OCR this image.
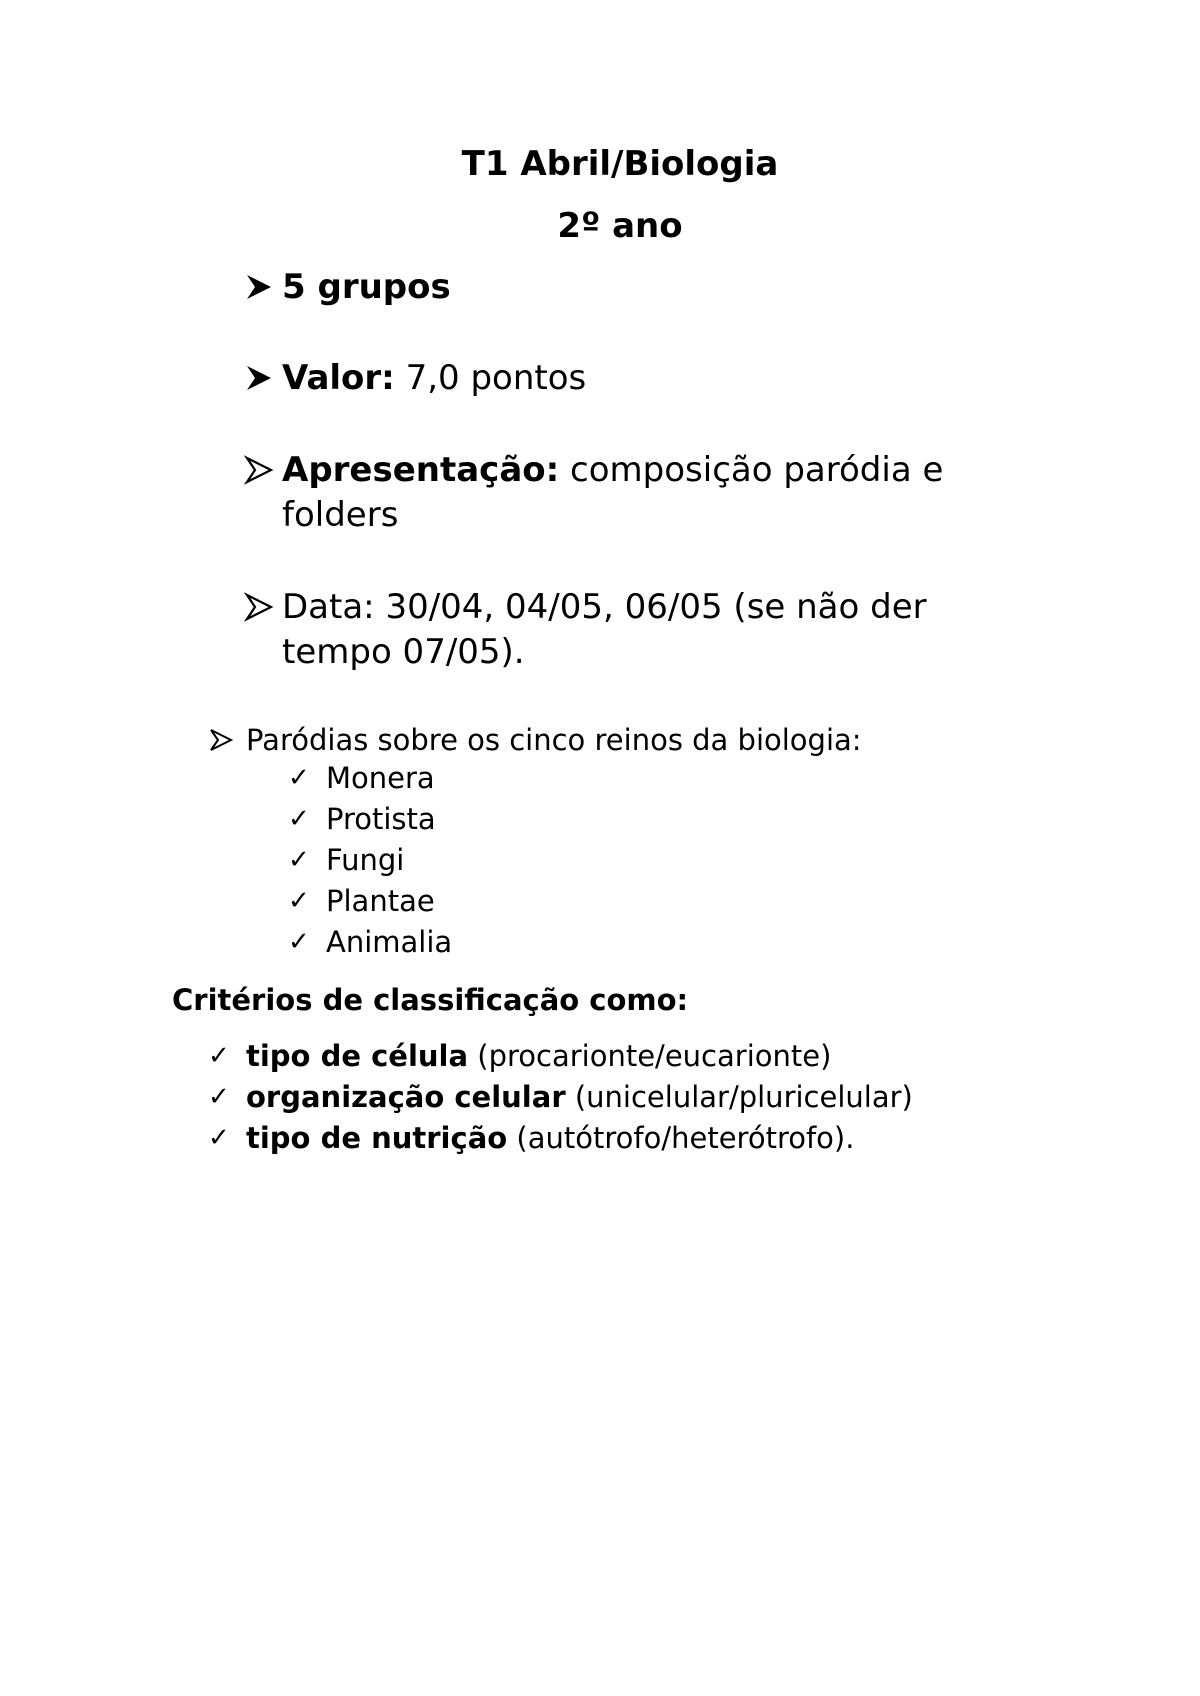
T1 Abril/Biologia
2º ano
5 grupos
Valor: 7,0 pontos
Apresentação: composição paródia e folders
Data: 30/04, 04/05, 06/05 (se não der tempo 07/05).
Paródias sobre os cinco reinos da biologia:
✓ Monera
✓ Protista
✓ Fungi
✓ Plantae
✓ Animalia

Critérios de classificação como:

✓ tipo de célula (procarionte/eucarionte)
✓ organização celular (unicelular/pluricelular)
✓ tipo de nutrição (autótrofo/heterótrofo).
